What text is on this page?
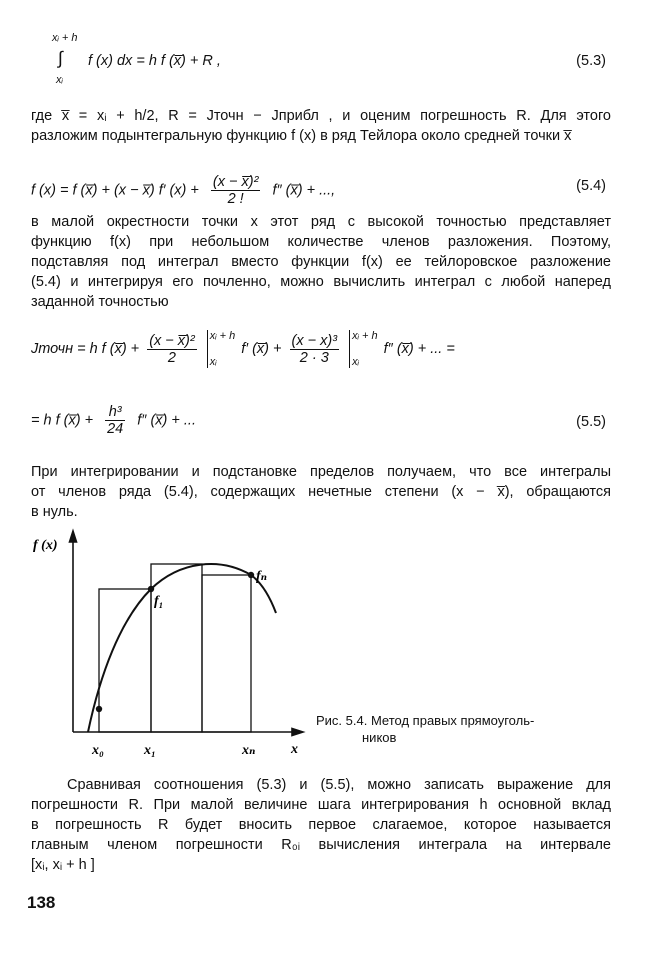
xᵢ + h
∫
xᵢ
f (x) dx = h f (x̅) + R ,	(5.3)
где x̅ = xᵢ + h/2, R = Jточн − Jприбл , и оценим погрешность R. Для этого
разложим подынтегральную функцию f (x) в ряд Тейлора около средней точки x̅
f (x) = f (x̅) + (x − x̅) f′ $(x) + \frac{\text{(x − x̅)²}}{2 !} f''$ (x̅) + ...,	(5.4)
в малой окрестности точки x этот ряд с высокой точностью представляет
функцию f(x) при небольшом количестве членов разложения. Поэтому,
подставляя под интеграл вместо функции f(x) ее тейлоровское разложение
(5.4) и интегрируя его почленно, можно вычислить интеграл с любой наперед
заданной точностью
Jточн = h f (x̅) + $\frac{\text{(x − x̅)²}}{2}$
xᵢ + h
xᵢ
f′ (x̅) + $\frac{\text{(x − x)³}}{2 \cdot 3}$
xᵢ + h
xᵢ
f″ (x̅) + ... =
= h f (x̅) + $\frac{\text{h³}}{24} f''$ (x̅) + ...	(5.5)
При интегрировании и подстановке пределов получаем, что все интегралы
от членов ряда (5.4), содержащих нечетные степени (x − x̅), обращаются
в нуль.
f (x)
x
x₀	x₁	xₙ
f₁
fₙ
Рис. 5.4. Метод правых прямоуголь-
ников
Сравнивая соотношения (5.3) и (5.5), можно записать выражение для
погрешности R. При малой величине шага интегрирования h основной вклад
в погрешность R будет вносить первое слагаемое, которое называется
главным членом погрешности R₀ᵢ вычисления интеграла на интервале
[xᵢ, xᵢ + h ]
138
